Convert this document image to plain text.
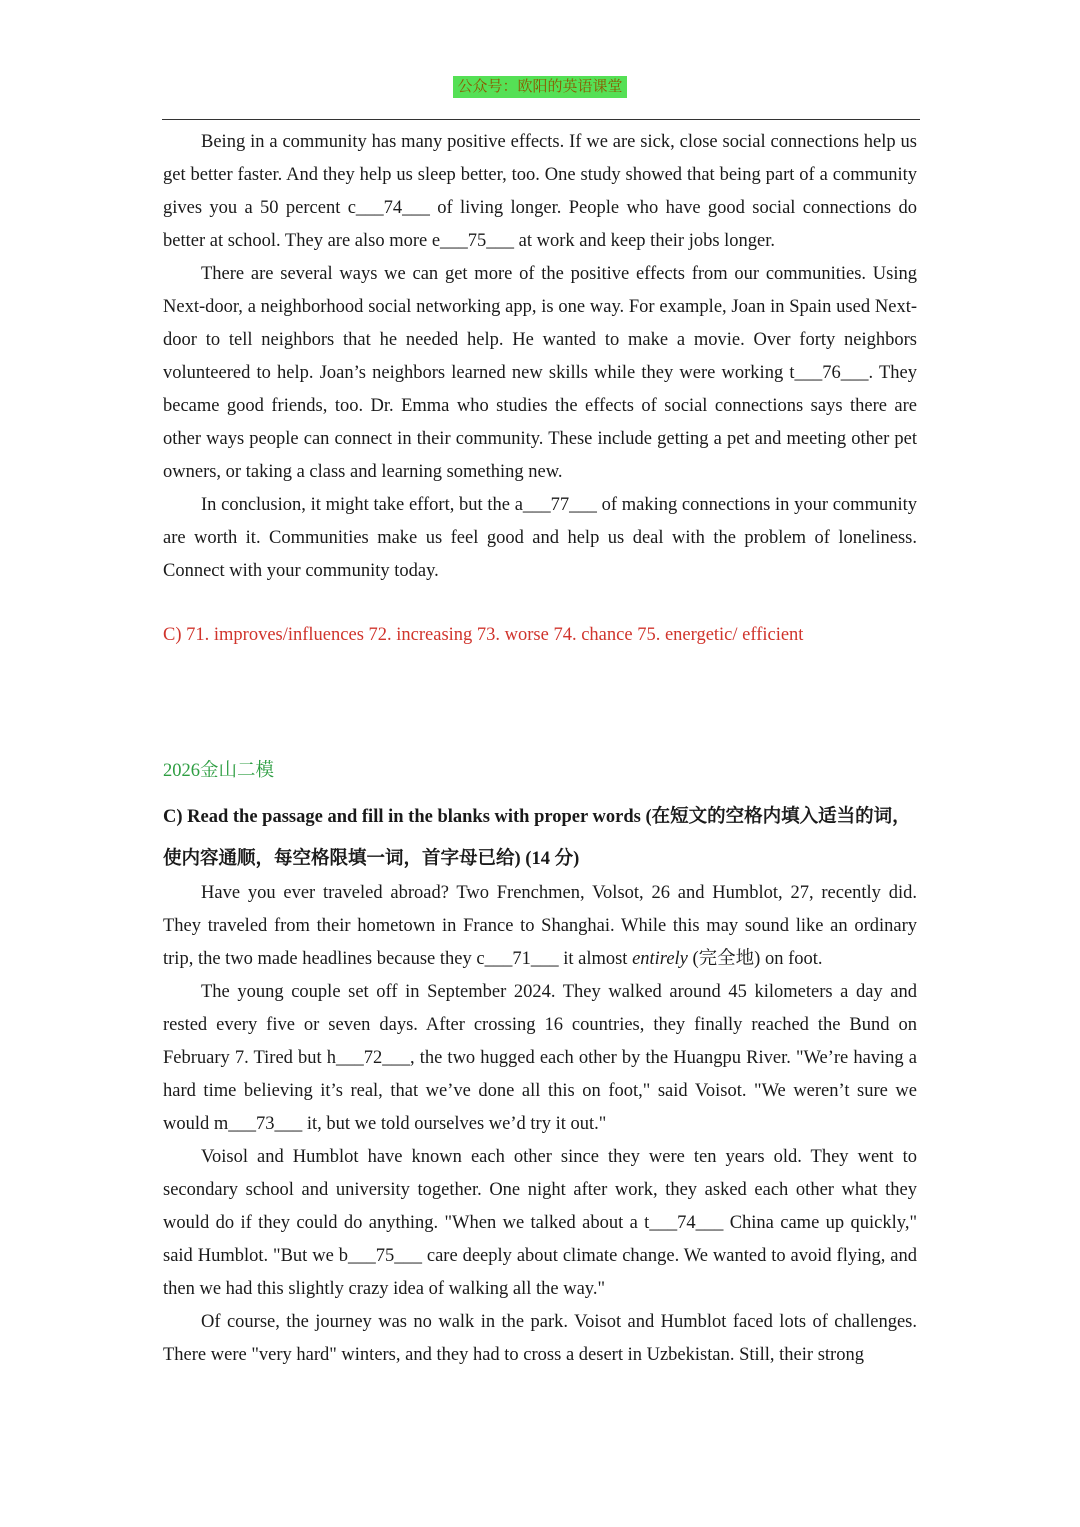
公众号：欧阳的英语课堂

Being in a community has many positive effects. If we are sick, close social connections help us get better faster. And they help us sleep better, too. One study showed that being part of a community gives you a 50 percent c___74___ of living longer. People who have good social connections do better at school. They are also more e___75___ at work and keep their jobs longer.

There are several ways we can get more of the positive effects from our communities. Using Next-door, a neighborhood social networking app, is one way. For example, Joan in Spain used Next-door to tell neighbors that he needed help. He wanted to make a movie. Over forty neighbors volunteered to help. Joan’s neighbors learned new skills while they were working t___76___. They became good friends, too. Dr. Emma who studies the effects of social connections says there are other ways people can connect in their community. These include getting a pet and meeting other pet owners, or taking a class and learning something new.

In conclusion, it might take effort, but the a___77___ of making connections in your community are worth it. Communities make us feel good and help us deal with the problem of loneliness. Connect with your community today.

C) 71. improves/influences 72. increasing 73. worse 74. chance 75. energetic/ efficient
2026金山二模
C) Read the passage and fill in the blanks with proper words (在短文的空格内填入适当的词，使内容通顺，每空格限填一词，首字母已给) (14 分)

Have you ever traveled abroad? Two Frenchmen, Volsot, 26 and Humblot, 27, recently did. They traveled from their hometown in France to Shanghai. While this may sound like an ordinary trip, the two made headlines because they c___71___ it almost entirely (完全地) on foot.

The young couple set off in September 2024. They walked around 45 kilometers a day and rested every five or seven days. After crossing 16 countries, they finally reached the Bund on February 7. Tired but h___72___, the two hugged each other by the Huangpu River. "We’re having a hard time believing it’s real, that we’ve done all this on foot," said Voisot. "We weren’t sure we would m___73___ it, but we told ourselves we’d try it out."

Voisol and Humblot have known each other since they were ten years old. They went to secondary school and university together. One night after work, they asked each other what they would do if they could do anything. "When we talked about a t___74___ China came up quickly," said Humblot. "But we b___75___ care deeply about climate change. We wanted to avoid flying, and then we had this slightly crazy idea of walking all the way."

Of course, the journey was no walk in the park. Voisot and Humblot faced lots of challenges. There were "very hard" winters, and they had to cross a desert in Uzbekistan. Still, their strong
